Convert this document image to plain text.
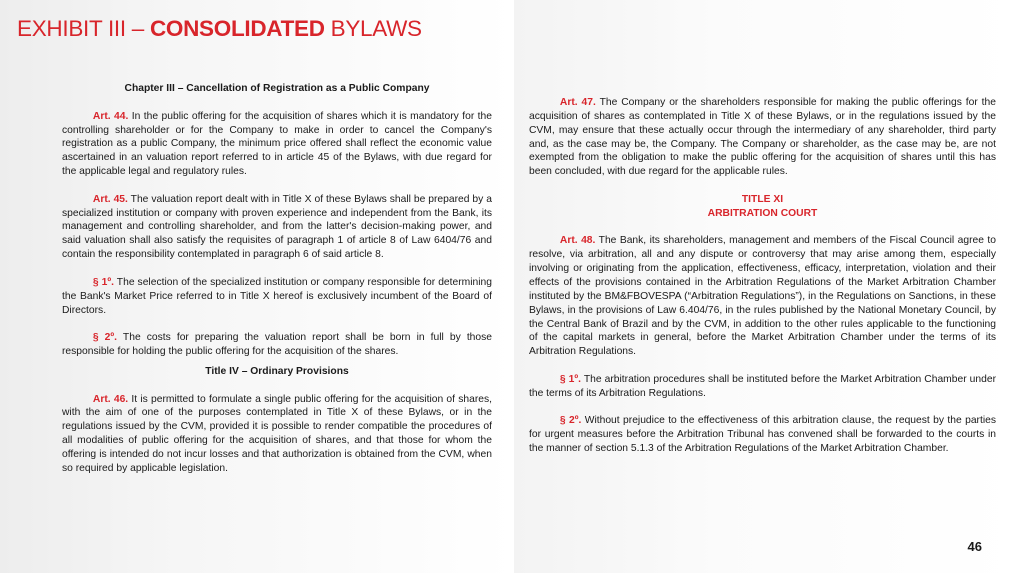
EXHIBIT III – CONSOLIDATED BYLAWS
Chapter III – Cancellation of Registration as a Public Company

   Art. 44. In the public offering for the acquisition of shares which it is mandatory for the controlling shareholder or for the Company to make in order to cancel the Company's registration as a public Company, the minimum price offered shall reflect the economic value ascertained in an valuation report referred to in article 45 of the Bylaws, with due regard for the applicable legal and regulatory rules.

   Art. 45. The valuation report dealt with in Title X of these Bylaws shall be prepared by a specialized institution or company with proven experience and independent from the Bank, its management and controlling shareholder, and from the latter's decision-making power, and said valuation shall also satisfy the requisites of paragraph 1 of article 8 of Law 6404/76 and contain the responsibility contemplated in paragraph 6 of said article 8.

   § 1º. The selection of the specialized institution or company responsible for determining the Bank's Market Price referred to in Title X hereof is exclusively incumbent of the Board of Directors.

   § 2º. The costs for preparing the valuation report shall be born in full by those responsible for holding the public offering for the acquisition of the shares.

Title IV – Ordinary Provisions

   Art. 46. It is permitted to formulate a single public offering for the acquisition of shares, with the aim of one of the purposes contemplated in Title X of these Bylaws, or in the regulations issued by the CVM, provided it is possible to render compatible the procedures of all modalities of public offering for the acquisition of shares, and that those for whom the offering is intended do not incur losses and that authorization is obtained from the CVM, when so required by applicable legislation.

   Art. 47. The Company or the shareholders responsible for making the public offerings for the acquisition of shares as contemplated in Title X of these Bylaws, or in the regulations issued by the CVM, may ensure that these actually occur through the intermediary of any shareholder, third party and, as the case may be, the Company. The Company or shareholder, as the case may be, are not exempted from the obligation to make the public offering for the acquisition of shares until this has been concluded, with due regard for the applicable rules.

TITLE XI
ARBITRATION COURT

   Art. 48. The Bank, its shareholders, management and members of the Fiscal Council agree to resolve, via arbitration, all and any dispute or controversy that may arise among them, especially involving or originating from the application, effectiveness, efficacy, interpretation, violation and their effects of the provisions contained in the Arbitration Regulations of the Market Arbitration Chamber instituted by the BM&FBOVESPA (“Arbitration Regulations”), in the Regulations on Sanctions, in these Bylaws, in the provisions of Law 6.404/76, in the rules published by the National Monetary Council, by the Central Bank of Brazil and by the CVM, in addition to the other rules applicable to the functioning of the capital markets in general, before the Market Arbitration Chamber under the terms of its Arbitration Regulations.

   § 1º. The arbitration procedures shall be instituted before the Market Arbitration Chamber under the terms of its Arbitration Regulations.

   § 2º. Without prejudice to the effectiveness of this arbitration clause, the request by the parties for urgent measures before the Arbitration Tribunal has convened shall be forwarded to the courts in the manner of section 5.1.3 of the Arbitration Regulations of the Market Arbitration Chamber.

46
